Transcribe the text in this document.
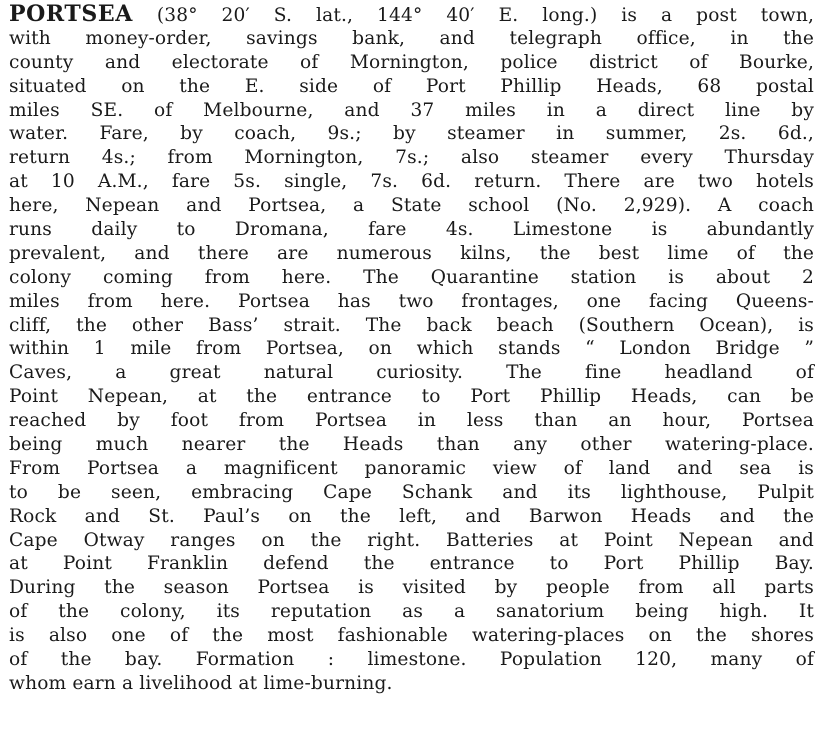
PORTSEA (38° 20′ S. lat., 144° 40′ E. long.) is a post town,
with money-order, savings bank, and telegraph office, in the
county and electorate of Mornington, police district of Bourke,
situated on the E. side of Port Phillip Heads, 68 postal
miles SE. of Melbourne, and 37 miles in a direct line by
water. Fare, by coach, 9s.; by steamer in summer, 2s. 6d.,
return 4s.; from Mornington, 7s.; also steamer every Thursday
at 10 A.M., fare 5s. single, 7s. 6d. return. There are two hotels
here, Nepean and Portsea, a State school (No. 2,929). A coach
runs daily to Dromana, fare 4s. Limestone is abundantly
prevalent, and there are numerous kilns, the best lime of the
colony coming from here. The Quarantine station is about 2
miles from here. Portsea has two frontages, one facing Queens-
cliff, the other Bass’ strait. The back beach (Southern Ocean), is
within 1 mile from Portsea, on which stands “ London Bridge ”
Caves, a great natural curiosity. The fine headland of
Point Nepean, at the entrance to Port Phillip Heads, can be
reached by foot from Portsea in less than an hour, Portsea
being much nearer the Heads than any other watering-place.
From Portsea a magnificent panoramic view of land and sea is
to be seen, embracing Cape Schank and its lighthouse, Pulpit
Rock and St. Paul’s on the left, and Barwon Heads and the
Cape Otway ranges on the right. Batteries at Point Nepean and
at Point Franklin defend the entrance to Port Phillip Bay.
During the season Portsea is visited by people from all parts
of the colony, its reputation as a sanatorium being high. It
is also one of the most fashionable watering-places on the shores
of the bay. Formation : limestone. Population 120, many of
whom earn a livelihood at lime-burning.
